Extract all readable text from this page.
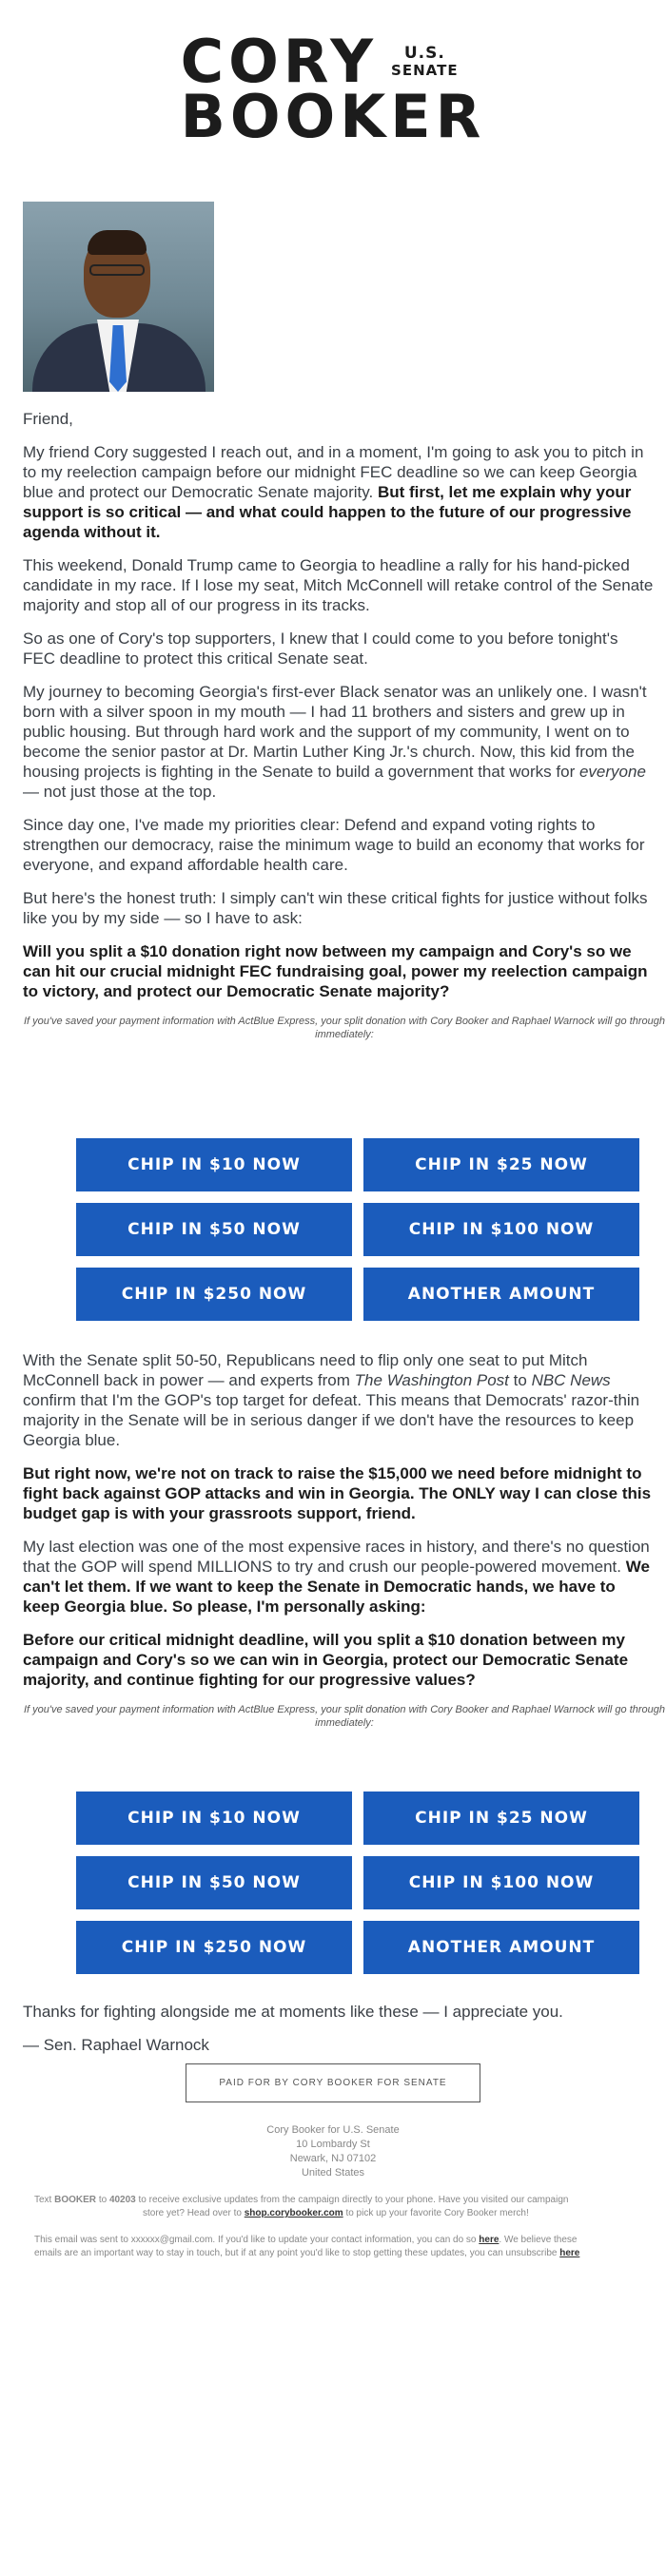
CORY	U.S.
SENATE
BOOKER

Friend,

My friend Cory suggested I reach out, and in a moment, I'm going to ask you to pitch in
to my reelection campaign before our midnight FEC deadline so we can keep Georgia
blue and protect our Democratic Senate majority. But first, let me explain why your
support is so critical — and what could happen to the future of our progressive
agenda without it.

This weekend, Donald Trump came to Georgia to headline a rally for his hand-picked
candidate in my race. If I lose my seat, Mitch McConnell will retake control of the Senate
majority and stop all of our progress in its tracks.

So as one of Cory's top supporters, I knew that I could come to you before tonight's
FEC deadline to protect this critical Senate seat.

My journey to becoming Georgia's first-ever Black senator was an unlikely one. I wasn't
born with a silver spoon in my mouth — I had 11 brothers and sisters and grew up in
public housing. But through hard work and the support of my community, I went on to
become the senior pastor at Dr. Martin Luther King Jr.'s church. Now, this kid from the
housing projects is fighting in the Senate to build a government that works for everyone
— not just those at the top.

Since day one, I've made my priorities clear: Defend and expand voting rights to
strengthen our democracy, raise the minimum wage to build an economy that works for
everyone, and expand affordable health care.

But here's the honest truth: I simply can't win these critical fights for justice without folks
like you by my side — so I have to ask:

Will you split a $10 donation right now between my campaign and Cory's so we
can hit our crucial midnight FEC fundraising goal, power my reelection campaign
to victory, and protect our Democratic Senate majority?

If you've saved your payment information with ActBlue Express, your split donation with Cory Booker and Raphael Warnock will go through immediately:
CHIP IN $10 NOW	CHIP IN $25 NOW
CHIP IN $50 NOW	CHIP IN $100 NOW
CHIP IN $250 NOW	ANOTHER AMOUNT

With the Senate split 50-50, Republicans need to flip only one seat to put Mitch
McConnell back in power — and experts from The Washington Post to NBC News
confirm that I'm the GOP's top target for defeat. This means that Democrats' razor-thin
majority in the Senate will be in serious danger if we don't have the resources to keep
Georgia blue.

But right now, we're not on track to raise the $15,000 we need before midnight to
fight back against GOP attacks and win in Georgia. The ONLY way I can close this
budget gap is with your grassroots support, friend.

My last election was one of the most expensive races in history, and there's no question
that the GOP will spend MILLIONS to try and crush our people-powered movement. We
can't let them. If we want to keep the Senate in Democratic hands, we have to
keep Georgia blue. So please, I'm personally asking:

Before our critical midnight deadline, will you split a $10 donation between my
campaign and Cory's so we can win in Georgia, protect our Democratic Senate
majority, and continue fighting for our progressive values?

If you've saved your payment information with ActBlue Express, your split donation with Cory Booker and Raphael Warnock will go through immediately:
CHIP IN $10 NOW	CHIP IN $25 NOW
CHIP IN $50 NOW	CHIP IN $100 NOW
CHIP IN $250 NOW	ANOTHER AMOUNT

Thanks for fighting alongside me at moments like these — I appreciate you.

— Sen. Raphael Warnock

PAID FOR BY CORY BOOKER FOR SENATE
Cory Booker for U.S. Senate
10 Lombardy St
Newark, NJ 07102
United States
Text BOOKER to 40203 to receive exclusive updates from the campaign directly to your phone. Have you visited our campaign
store yet? Head over to shop.corybooker.com to pick up your favorite Cory Booker merch!
This email was sent to xxxxxx@gmail.com. If you'd like to update your contact information, you can do so here. We believe these
emails are an important way to stay in touch, but if at any point you'd like to stop getting these updates, you can unsubscribe here
